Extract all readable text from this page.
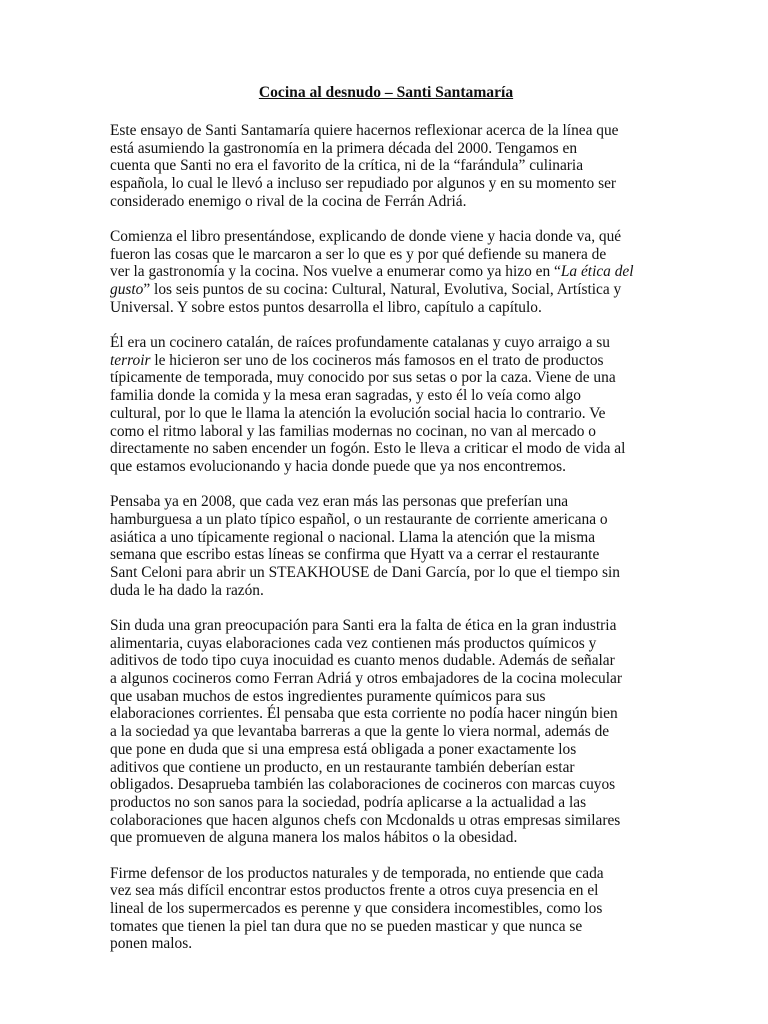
Cocina al desnudo – Santi Santamaría
Este ensayo de Santi Santamaría quiere hacernos reflexionar acerca de la línea que
está asumiendo la gastronomía en la primera década del 2000. Tengamos en
cuenta que Santi no era el favorito de la crítica, ni de la “farándula” culinaria
española, lo cual le llevó a incluso ser repudiado por algunos y en su momento ser
considerado enemigo o rival de la cocina de Ferrán Adriá.
Comienza el libro presentándose, explicando de donde viene y hacia donde va, qué
fueron las cosas que le marcaron a ser lo que es y por qué defiende su manera de
ver la gastronomía y la cocina. Nos vuelve a enumerar como ya hizo en “La ética del
gusto” los seis puntos de su cocina: Cultural, Natural, Evolutiva, Social, Artística y
Universal. Y sobre estos puntos desarrolla el libro, capítulo a capítulo.
Él era un cocinero catalán, de raíces profundamente catalanas y cuyo arraigo a su
terroir le hicieron ser uno de los cocineros más famosos en el trato de productos
típicamente de temporada, muy conocido por sus setas o por la caza. Viene de una
familia donde la comida y la mesa eran sagradas, y esto él lo veía como algo
cultural, por lo que le llama la atención la evolución social hacia lo contrario. Ve
como el ritmo laboral y las familias modernas no cocinan, no van al mercado o
directamente no saben encender un fogón. Esto le lleva a criticar el modo de vida al
que estamos evolucionando y hacia donde puede que ya nos encontremos.
Pensaba ya en 2008, que cada vez eran más las personas que preferían una
hamburguesa a un plato típico español, o un restaurante de corriente americana o
asiática a uno típicamente regional o nacional. Llama la atención que la misma
semana que escribo estas líneas se confirma que Hyatt va a cerrar el restaurante
Sant Celoni para abrir un STEAKHOUSE de Dani García, por lo que el tiempo sin
duda le ha dado la razón.
Sin duda una gran preocupación para Santi era la falta de ética en la gran industria
alimentaria, cuyas elaboraciones cada vez contienen más productos químicos y
aditivos de todo tipo cuya inocuidad es cuanto menos dudable. Además de señalar
a algunos cocineros como Ferran Adriá y otros embajadores de la cocina molecular
que usaban muchos de estos ingredientes puramente químicos para sus
elaboraciones corrientes. Él pensaba que esta corriente no podía hacer ningún bien
a la sociedad ya que levantaba barreras a que la gente lo viera normal, además de
que pone en duda que si una empresa está obligada a poner exactamente los
aditivos que contiene un producto, en un restaurante también deberían estar
obligados. Desaprueba también las colaboraciones de cocineros con marcas cuyos
productos no son sanos para la sociedad, podría aplicarse a la actualidad a las
colaboraciones que hacen algunos chefs con Mcdonalds u otras empresas similares
que promueven de alguna manera los malos hábitos o la obesidad.
Firme defensor de los productos naturales y de temporada, no entiende que cada
vez sea más difícil encontrar estos productos frente a otros cuya presencia en el
lineal de los supermercados es perenne y que considera incomestibles, como los
tomates que tienen la piel tan dura que no se pueden masticar y que nunca se
ponen malos.
